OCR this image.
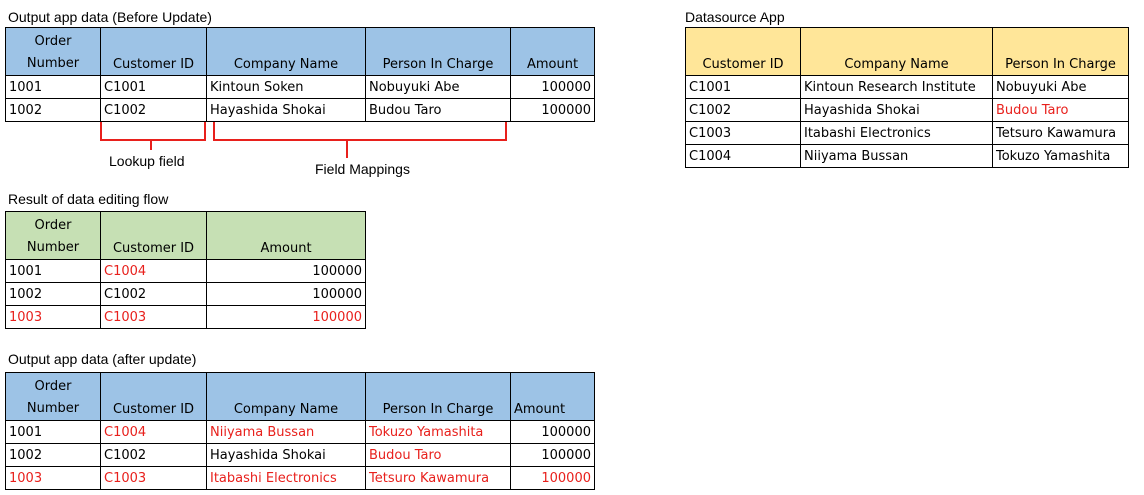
Output app data (Before Update)
Order
Number	Customer ID	Company Name	Person In Charge	Amount
1001	C1001	Kintoun Soken	Nobuyuki Abe	100000
1002	C1002	Hayashida Shokai	Budou Taro	100000
Lookup field	Field Mappings
Datasource App
Customer ID	Company Name	Person In Charge
C1001	Kintoun Research Institute	Nobuyuki Abe
C1002	Hayashida Shokai	Budou Taro
C1003	Itabashi Electronics	Tetsuro Kawamura
C1004	Niiyama Bussan	Tokuzo Yamashita
Result of data editing flow
Order
Number	Customer ID	Amount
1001	C1004	100000
1002	C1002	100000
1003	C1003	100000
Output app data (after update)
Order
Number	Customer ID	Company Name	Person In Charge	Amount
1001	C1004	Niiyama Bussan	Tokuzo Yamashita	100000
1002	C1002	Hayashida Shokai	Budou Taro	100000
1003	C1003	Itabashi Electronics	Tetsuro Kawamura	100000
